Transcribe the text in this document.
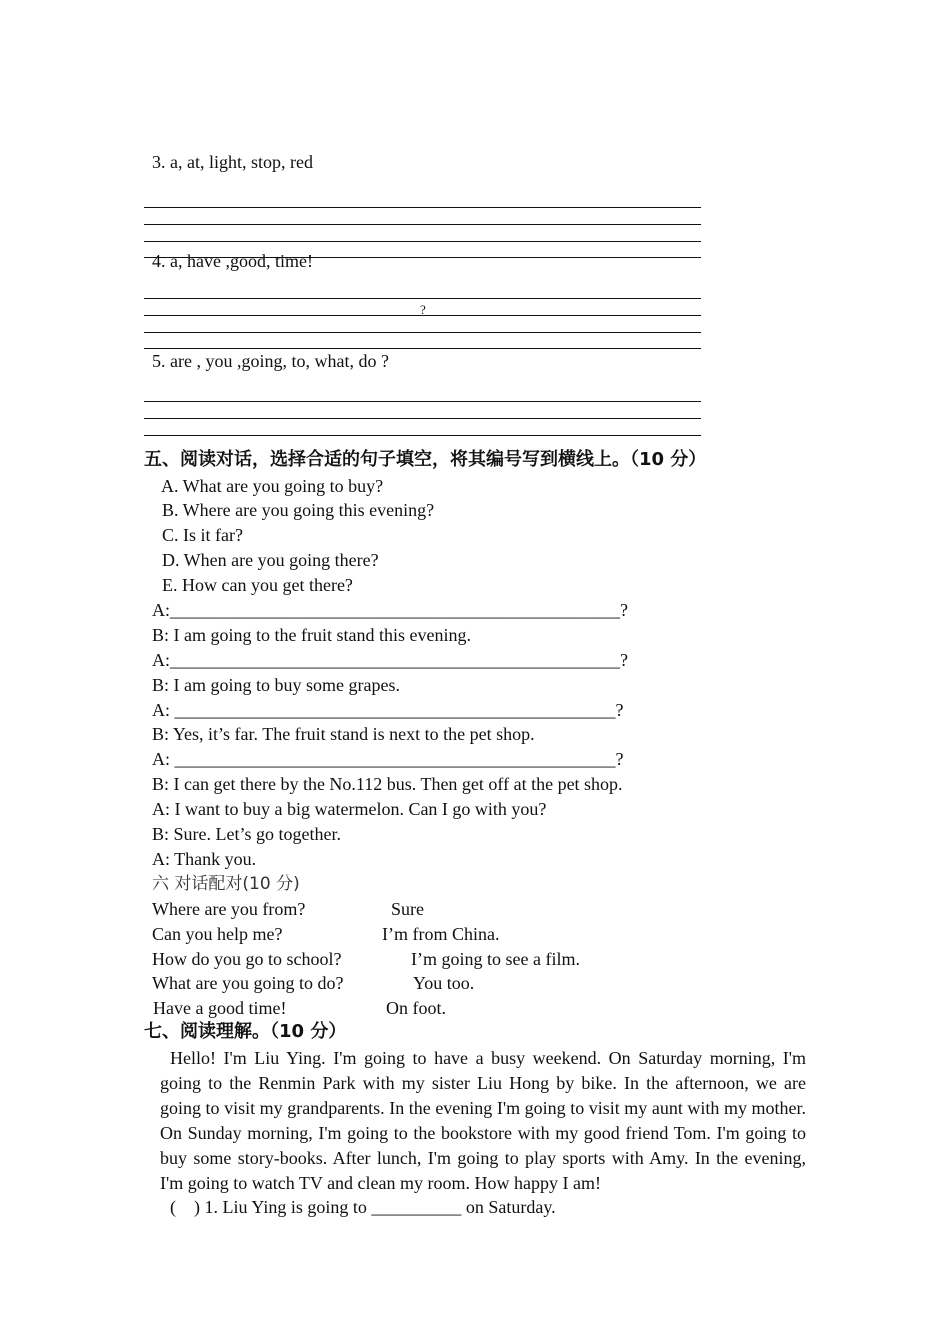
3. a, at, light, stop, red
4. a, have ,good, time!
?
5. are , you ,going, to, what, do ?
五、阅读对话，选择合适的句子填空，将其编号写到横线上。（10 分）
A. What are you going to buy?
B. Where are you going this evening?
C. Is it far?
D. When are you going there?
E. How can you get there?
A:__________________________________________________?
B: I am going to the fruit stand this evening.
A:__________________________________________________?
B: I am going to buy some grapes.
A: _________________________________________________?
B: Yes, it’s far. The fruit stand is next to the pet shop.
A: _________________________________________________?
B: I can get there by the No.112 bus. Then get off at the pet shop.
A: I want to buy a big watermelon. Can I go with you?
B: Sure. Let’s go together.
A: Thank you.
六 对话配对(10 分)
Where are you from?	Sure
Can you help me?	I’m from China.
How do you go to school?	I’m going to see a film.
What are you going to do?	You too.
Have a good time!	On foot.
七、阅读理解。（10 分）
Hello! I'm Liu Ying. I'm going to have a busy weekend. On Saturday morning, I'm going to the Renmin Park with my sister Liu Hong by bike. In the afternoon, we are going to visit my grandparents. In the evening I'm going to visit my aunt with my mother. On Sunday morning, I'm going to the bookstore with my good friend Tom. I'm going to buy some story-books. After lunch, I'm going to play sports with Amy. In the evening, I'm going to watch TV and clean my room. How happy I am!
(    ) 1. Liu Ying is going to __________ on Saturday.
